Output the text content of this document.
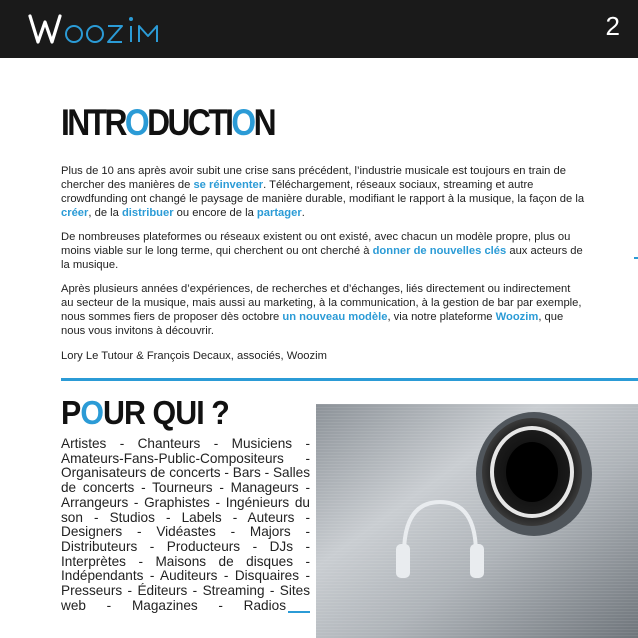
2
INTRODUCTION

Plus de 10 ans après avoir subit une crise sans précédent, l’industrie musicale est toujours en train de chercher des manières de se réinventer. Téléchargement, réseaux sociaux, streaming et autre crowdfunding ont changé le paysage de manière durable, modifiant le rapport à la musique, la façon de la créer, de la distribuer ou encore de la partager.

De nombreuses plateformes ou réseaux existent ou ont existé, avec chacun un modèle propre, plus ou moins viable sur le long terme, qui cherchent ou ont cherché à donner de nouvelles clés aux acteurs de la musique.

Après plusieurs années d’expériences, de recherches et d’échanges, liés directement ou indirectement au secteur de la musique, mais aussi au marketing, à la communication, à la gestion de bar par exemple, nous sommes fiers de proposer dès octobre un nouveau modèle, via notre plateforme Woozim, que nous vous invitons à découvrir.

Lory Le Tutour & François Decaux, associés, Woozim

POUR QUI ?

Artistes - Chanteurs - Musiciens - Amateurs-Fans-Public-Compositeurs - Organisateurs de concerts - Bars - Salles de concerts - Tourneurs - Manageurs - Arrangeurs - Graphistes - Ingénieurs du son - Studios - Labels - Auteurs - Designers - Vidéastes - Majors - Distributeurs - Producteurs - DJs - Interprètes - Maisons de disques - Indépendants - Auditeurs - Disquaires - Presseurs - Éditeurs - Streaming - Sites web - Magazines - Radios
